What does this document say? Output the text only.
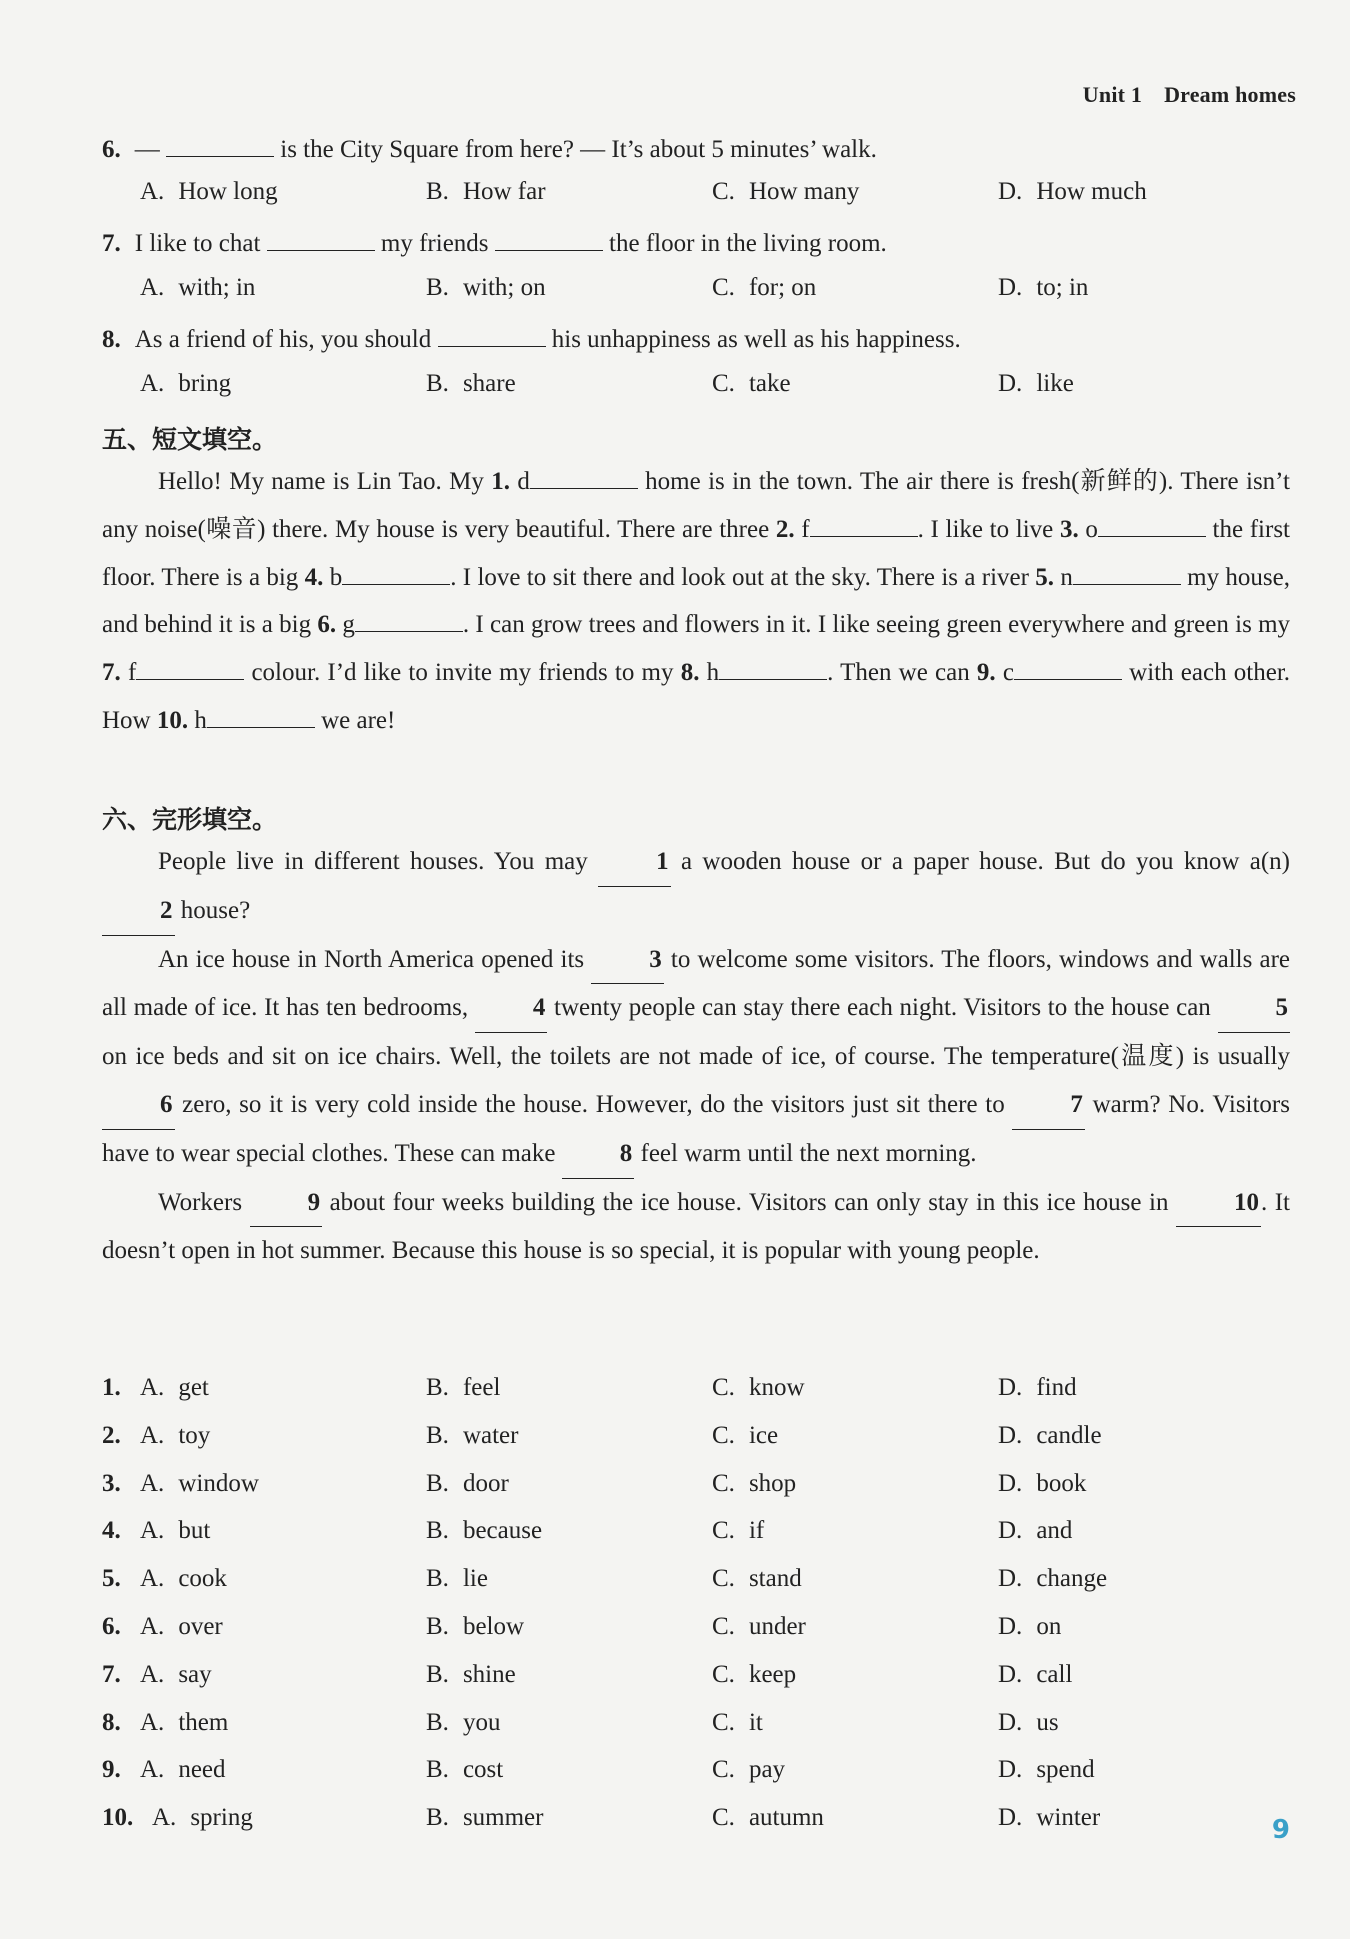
Unit 1 Dream homes
6. —	is the City Square from here? — It’s about 5 minutes’ walk.
A. How long	B. How far	C. How many	D. How much
7. I like to chat	my friends	the floor in the living room.
A. with; in	B. with; on	C. for; on	D. to; in
8. As a friend of his, you should	his unhappiness as well as his happiness.
A. bring	B. share	C. take	D. like
五、短文填空。

Hello! My name is Lin Tao. My 1. d	home is in the town. The air there is fresh(新鲜的). There isn’t any noise(噪音) there. My house is very beautiful. There are three 2. f	. I like to live 3. o	the first floor. There is a big 4. b	. I love to sit there and look out at the sky. There is a river 5. n	my house, and behind it is a big 6. g	. I can grow trees and flowers in it. I like seeing green everywhere and green is my 7. f	colour. I’d like to invite my friends to my 8. h	. Then we can 9. c	with each other. How 10. h	we are!

六、完形填空。

People live in different houses. You may 1 a wooden house or a paper house. But do you know a(n) 2 house?

An ice house in North America opened its 3 to welcome some visitors. The floors, windows and walls are all made of ice. It has ten bedrooms, 4 twenty people can stay there each night. Visitors to the house can 5 on ice beds and sit on ice chairs. Well, the toilets are not made of ice, of course. The temperature(温度) is usually 6 zero, so it is very cold inside the house. However, do the visitors just sit there to 7 warm? No. Visitors have to wear special clothes. These can make 8 feel warm until the next morning.

Workers 9 about four weeks building the ice house. Visitors can only stay in this ice house in 10. It doesn’t open in hot summer. Because this house is so special, it is popular with young people.

1. A. get	B. feel	C. know	D. find
2. A. toy	B. water	C. ice	D. candle
3. A. window	B. door	C. shop	D. book
4. A. but	B. because	C. if	D. and
5. A. cook	B. lie	C. stand	D. change
6. A. over	B. below	C. under	D. on
7. A. say	B. shine	C. keep	D. call
8. A. them	B. you	C. it	D. us
9. A. need	B. cost	C. pay	D. spend
10. A. spring	B. summer	C. autumn	D. winter	9
